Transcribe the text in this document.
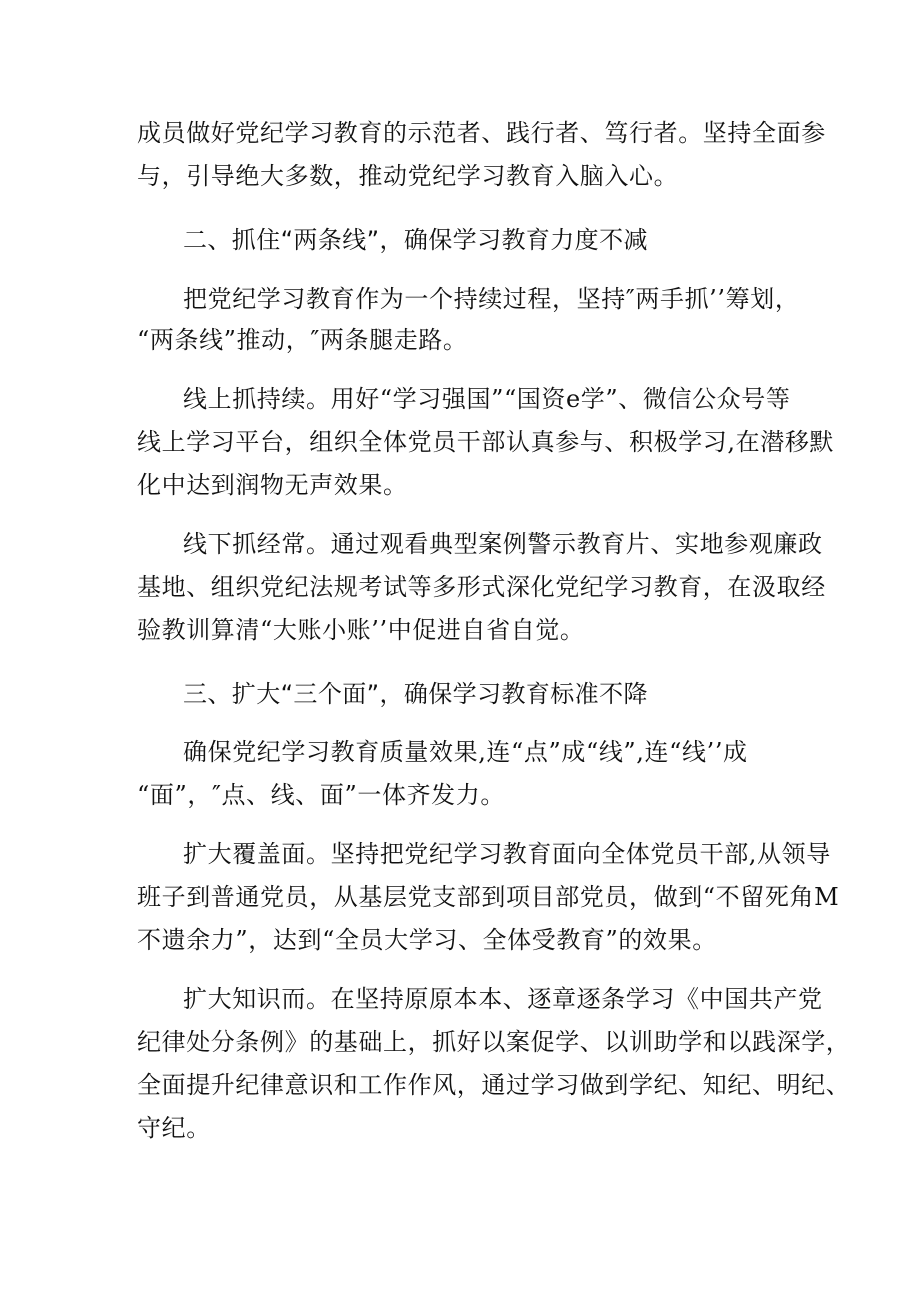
成员做好党纪学习教育的示范者、践行者、笃行者。坚持全面参
与，引导绝大多数，推动党纪学习教育入脑入心。
二、抓住“两条线”，确保学习教育力度不减
把党纪学习教育作为一个持续过程，坚持″两手抓’’筹划，
“两条线”推动，″两条腿走路。
线上抓持续。用好“学习强国”“国资e学”、微信公众号等
线上学习平台，组织全体党员干部认真参与、积极学习,在潜移默
化中达到润物无声效果。
线下抓经常。通过观看典型案例警示教育片、实地参观廉政
基地、组织党纪法规考试等多形式深化党纪学习教育，在汲取经
验教训算清“大账小账’’中促进自省自觉。
三、扩大“三个面”，确保学习教育标准不降
确保党纪学习教育质量效果,连“点”成“线”,连“线’’成
“面”，″点、线、面”一体齐发力。
扩大覆盖面。坚持把党纪学习教育面向全体党员干部,从领导
班子到普通党员，从基层党支部到项目部党员，做到“不留死角M
不遗余力”，达到“全员大学习、全体受教育”的效果。
扩大知识而。在坚持原原本本、逐章逐条学习《中国共产党
纪律处分条例》的基础上，抓好以案促学、以训助学和以践深学，
全面提升纪律意识和工作作风，通过学习做到学纪、知纪、明纪、
守纪。
